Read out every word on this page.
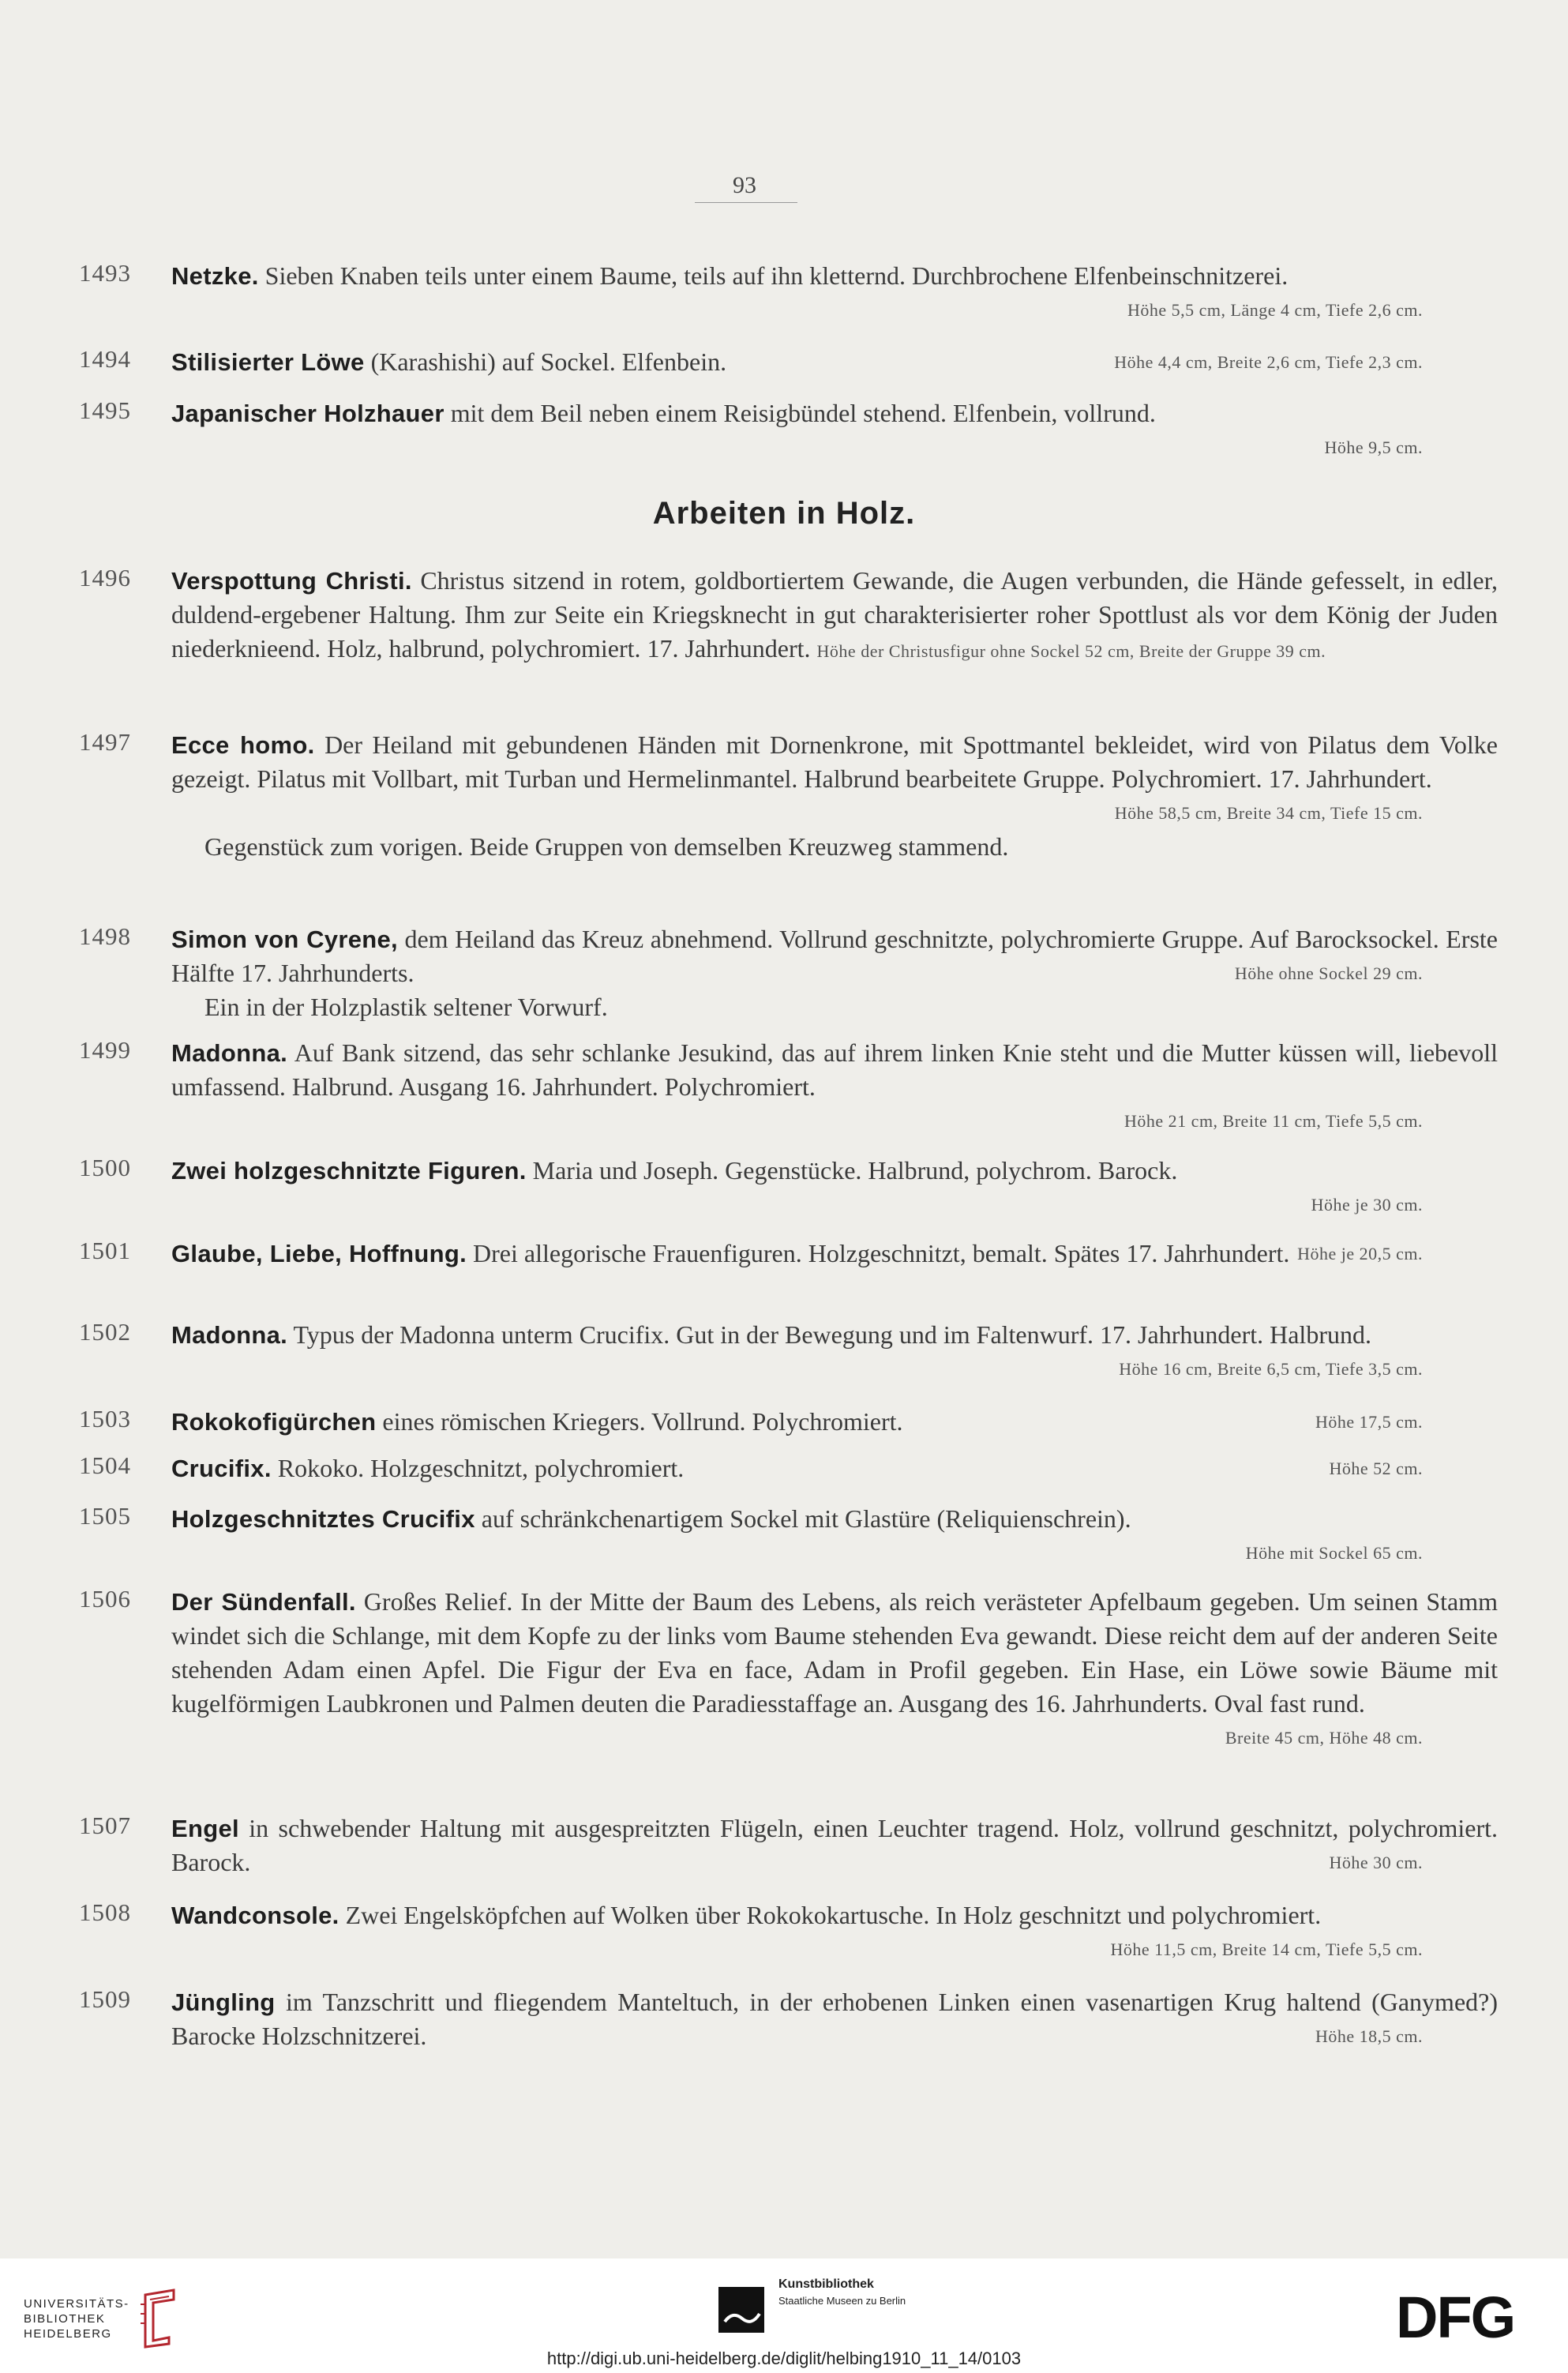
93
1493	Netzke. Sieben Knaben teils unter einem Baume, teils auf ihn kletternd. Durchbrochene Elfenbeinschnitzerei.
Höhe 5,5 cm, Länge 4 cm, Tiefe 2,6 cm.
1494	Stilisierter Löwe (Karashishi) auf Sockel. Elfenbein.	Höhe 4,4 cm, Breite 2,6 cm, Tiefe 2,3 cm.
1495	Japanischer Holzhauer mit dem Beil neben einem Reisigbündel stehend. Elfenbein, vollrund.
Höhe 9,5 cm.
Arbeiten in Holz.
1496	Verspottung Christi. Christus sitzend in rotem, goldbortiertem Gewande, die Augen verbunden, die Hände gefesselt, in edler, duldend-ergebener Haltung. Ihm zur Seite ein Kriegsknecht in gut charakterisierter roher Spottlust als vor dem König der Juden niederknieend. Holz, halbrund, polychromiert. 17. Jahrhundert. Höhe der Christusfigur ohne Sockel 52 cm, Breite der Gruppe 39 cm.
1497	Ecce homo. Der Heiland mit gebundenen Händen mit Dornenkrone, mit Spottmantel bekleidet, wird von Pilatus dem Volke gezeigt. Pilatus mit Vollbart, mit Turban und Hermelinmantel. Halbrund bearbeitete Gruppe. Polychromiert. 17. Jahrhundert.
Höhe 58,5 cm, Breite 34 cm, Tiefe 15 cm.
Gegenstück zum vorigen. Beide Gruppen von demselben Kreuzweg stammend.
1498	Simon von Cyrene, dem Heiland das Kreuz abnehmend. Vollrund geschnitzte, polychromierte Gruppe. Auf Barocksockel. Erste Hälfte 17. Jahrhunderts.	Höhe ohne Sockel 29 cm.
Ein in der Holzplastik seltener Vorwurf.
1499	Madonna. Auf Bank sitzend, das sehr schlanke Jesukind, das auf ihrem linken Knie steht und die Mutter küssen will, liebevoll umfassend. Halbrund. Ausgang 16. Jahrhundert. Polychromiert.
Höhe 21 cm, Breite 11 cm, Tiefe 5,5 cm.
1500	Zwei holzgeschnitzte Figuren. Maria und Joseph. Gegenstücke. Halbrund, polychrom. Barock.
Höhe je 30 cm.
1501	Glaube, Liebe, Hoffnung. Drei allegorische Frauenfiguren. Holzgeschnitzt, bemalt. Spätes 17. Jahrhundert. Höhe je 20,5 cm.
1502	Madonna. Typus der Madonna unterm Crucifix. Gut in der Bewegung und im Faltenwurf. 17. Jahrhundert. Halbrund.
Höhe 16 cm, Breite 6,5 cm, Tiefe 3,5 cm.
1503	Rokokofigürchen eines römischen Kriegers. Vollrund. Polychromiert.	Höhe 17,5 cm.
1504	Crucifix. Rokoko. Holzgeschnitzt, polychromiert.	Höhe 52 cm.
1505	Holzgeschnitztes Crucifix auf schränkchenartigem Sockel mit Glastüre (Reliquienschrein).
Höhe mit Sockel 65 cm.
1506	Der Sündenfall. Großes Relief. In der Mitte der Baum des Lebens, als reich verästeter Apfelbaum gegeben. Um seinen Stamm windet sich die Schlange, mit dem Kopfe zu der links vom Baume stehenden Eva gewandt. Diese reicht dem auf der anderen Seite stehenden Adam einen Apfel. Die Figur der Eva en face, Adam in Profil gegeben. Ein Hase, ein Löwe sowie Bäume mit kugelförmigen Laubkronen und Palmen deuten die Paradiesstaffage an. Ausgang des 16. Jahrhunderts. Oval fast rund.
Breite 45 cm, Höhe 48 cm.
1507	Engel in schwebender Haltung mit ausgespreitzten Flügeln, einen Leuchter tragend. Holz, vollrund geschnitzt, polychromiert. Barock.	Höhe 30 cm.
1508	Wandconsole. Zwei Engelsköpfchen auf Wolken über Rokokokartusche. In Holz geschnitzt und polychromiert.
Höhe 11,5 cm, Breite 14 cm, Tiefe 5,5 cm.
1509	Jüngling im Tanzschritt und fliegendem Manteltuch, in der erhobenen Linken einen vasenartigen Krug haltend (Ganymed?) Barocke Holzschnitzerei.	Höhe 18,5 cm.
UNIVERSITÄTS-
BIBLIOTHEK
HEIDELBERG
Kunstbibliothek
Staatliche Museen zu Berlin	DFG
http://digi.ub.uni-heidelberg.de/diglit/helbing1910_11_14/0103
